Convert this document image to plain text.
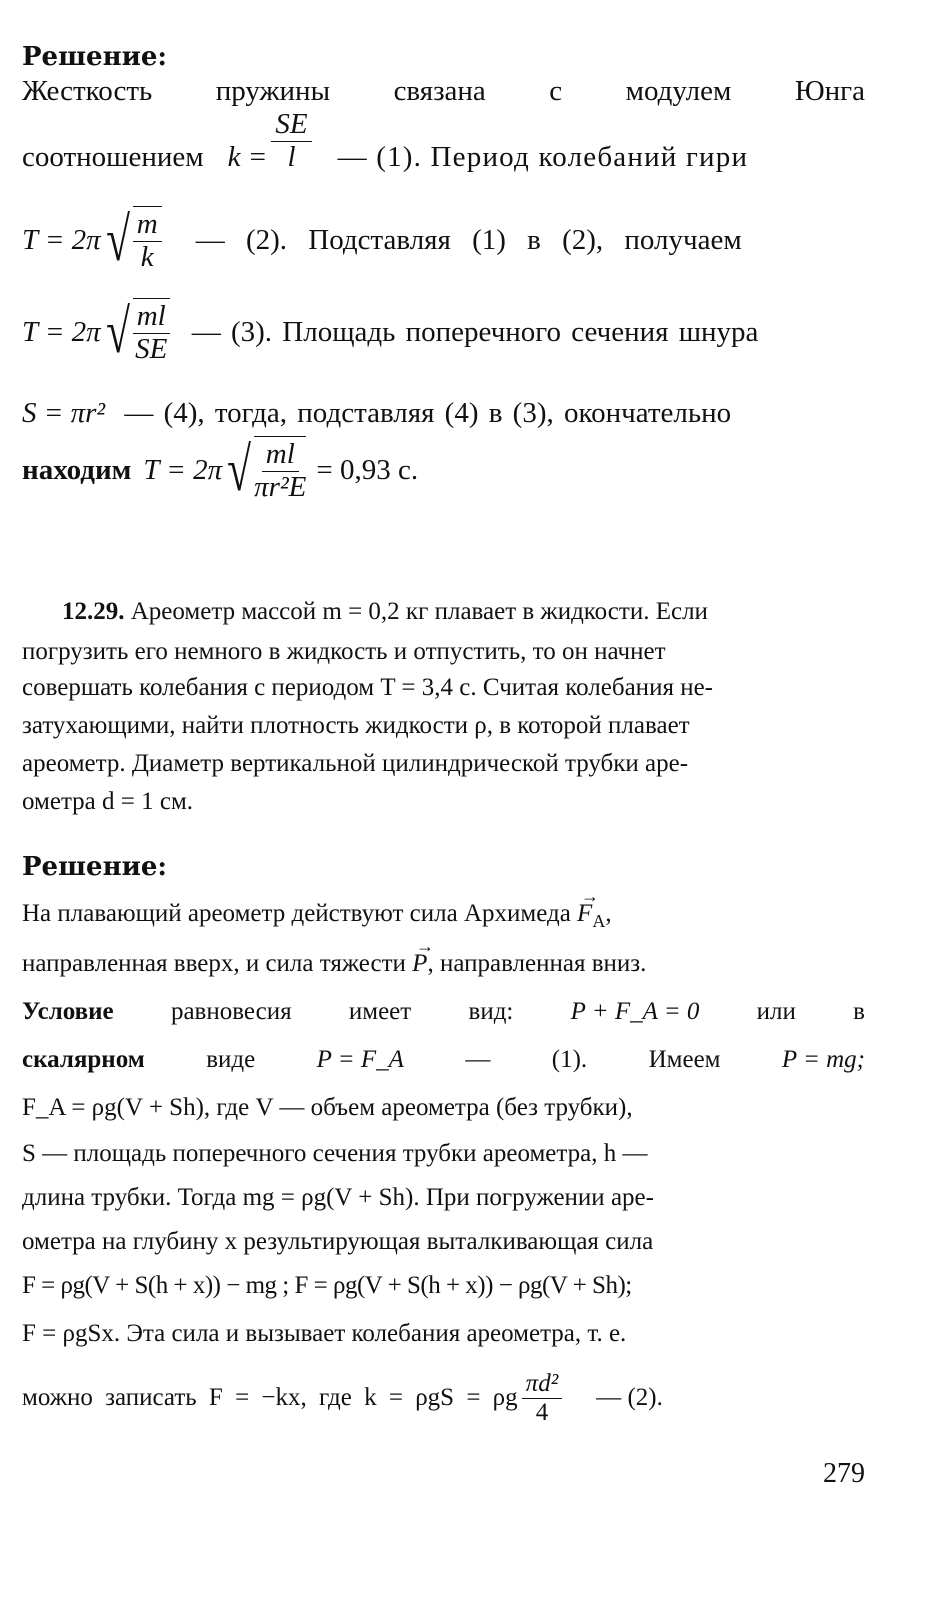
Решение:
Жесткость пружины связана с модулем Юнга
соотношением $k = \frac{SE}{l}$ — (1). Период колебаний гири
T = 2π √ $\frac{m}{k}$ — (2). Подставляя (1) в (2), получаем
T = 2π √ $\frac{ml}{SE}$ — (3). Площадь поперечного сечения шнура
S = πr² — (4), тогда, подставляя (4) в (3), окончательно
находим T = 2π √ $\frac{ml}{\text{πr²E}} = 0,93$ с.
12.29. Ареометр массой m = 0,2 кг плавает в жидкости. Если
погрузить его немного в жидкость и отпустить, то он начнет
совершать колебания с периодом T = 3,4 с. Считая колебания не-
затухающими, найти плотность жидкости ρ, в которой плавает
ареометр. Диаметр вертикальной цилиндрической трубки аре-
ометра d = 1 см.
Решение:
На плавающий ареометр действуют сила Архимеда → $F_A$,
направленная вверх, и сила тяжести → P, направленная вниз.
Условие равновесия имеет вид: P + F_A = 0 или в
скалярном виде P = F_A — (1). Имеем P = mg;
F_A = ρg(V + Sh), где V — объем ареометра (без трубки),
S — площадь поперечного сечения трубки ареометра, h —
длина трубки. Тогда mg = ρg(V + Sh). При погружении аре-
ометра на глубину x результирующая выталкивающая сила
F = ρg(V + S(h + x)) − mg ; F = ρg(V + S(h + x)) − ρg(V + Sh);
F = ρgSx. Эта сила и вызывает колебания ареометра, т. е.
можно записать F = −kx, где k = ρgS = ρg $\frac{\text{πd²}}{4}$ — (2).
279
